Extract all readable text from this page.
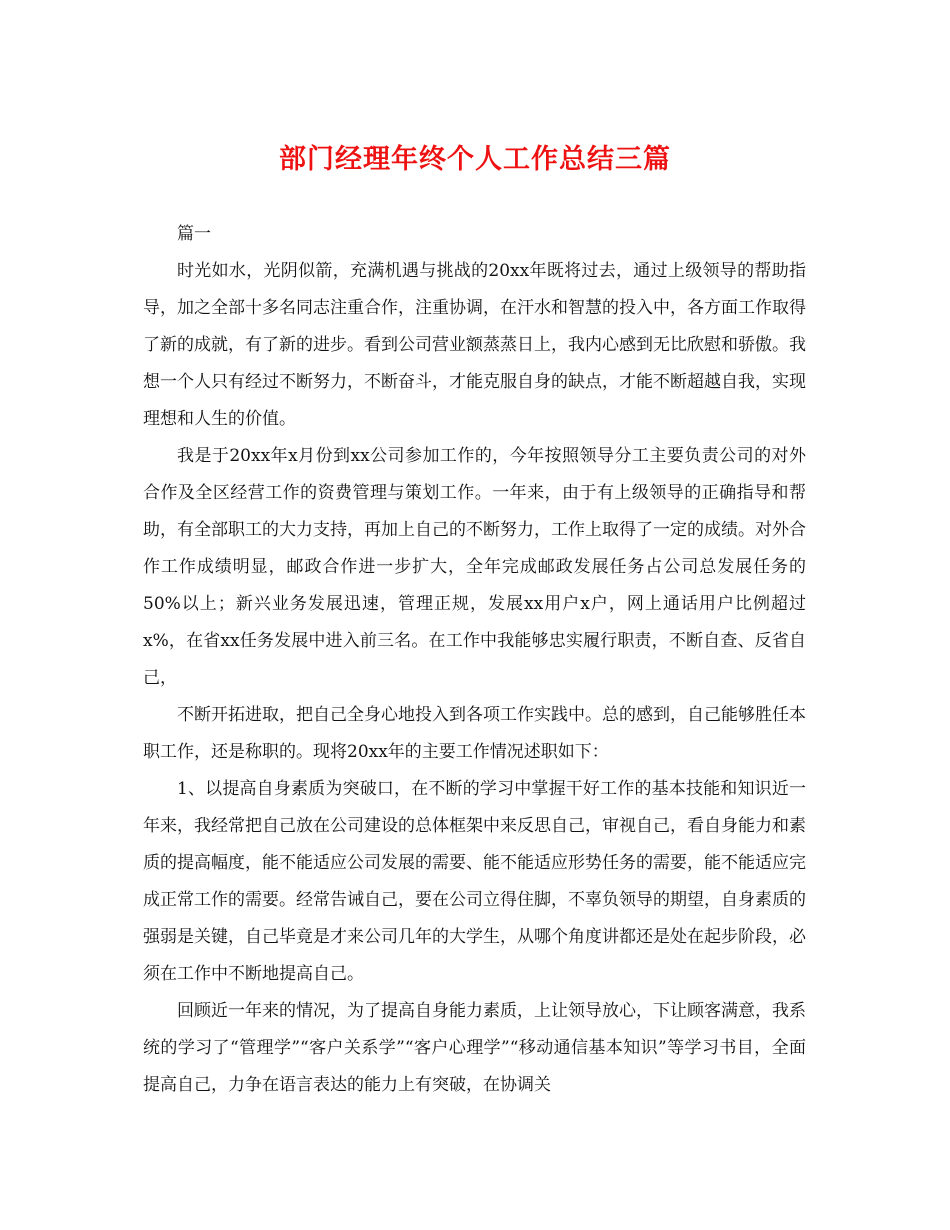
部门经理年终个人工作总结三篇

篇一

时光如水，光阴似箭，充满机遇与挑战的20xx年既将过去，通过上级领导的帮助指导，加之全部十多名同志注重合作，注重协调，在汗水和智慧的投入中，各方面工作取得了新的成就，有了新的进步。看到公司营业额蒸蒸日上，我内心感到无比欣慰和骄傲。我想一个人只有经过不断努力，不断奋斗，才能克服自身的缺点，才能不断超越自我，实现理想和人生的价值。

我是于20xx年x月份到xx公司参加工作的，今年按照领导分工主要负责公司的对外合作及全区经营工作的资费管理与策划工作。一年来，由于有上级领导的正确指导和帮助，有全部职工的大力支持，再加上自己的不断努力，工作上取得了一定的成绩。对外合作工作成绩明显，邮政合作进一步扩大，全年完成邮政发展任务占公司总发展任务的50%以上；新兴业务发展迅速，管理正规，发展xx用户x户，网上通话用户比例超过x%，在省xx任务发展中进入前三名。在工作中我能够忠实履行职责，不断自查、反省自己，

不断开拓进取，把自己全身心地投入到各项工作实践中。总的感到，自己能够胜任本职工作，还是称职的。现将20xx年的主要工作情况述职如下：

1、以提高自身素质为突破口，在不断的学习中掌握干好工作的基本技能和知识近一年来，我经常把自己放在公司建设的总体框架中来反思自己，审视自己，看自身能力和素质的提高幅度，能不能适应公司发展的需要、能不能适应形势任务的需要，能不能适应完成正常工作的需要。经常告诫自己，要在公司立得住脚，不辜负领导的期望，自身素质的强弱是关键，自己毕竟是才来公司几年的大学生，从哪个角度讲都还是处在起步阶段，必须在工作中不断地提高自己。

回顾近一年来的情况，为了提高自身能力素质，上让领导放心，下让顾客满意，我系统的学习了“管理学”“客户关系学”“客户心理学”“移动通信基本知识”等学习书目，全面提高自己，力争在语言表达的能力上有突破，在协调关
